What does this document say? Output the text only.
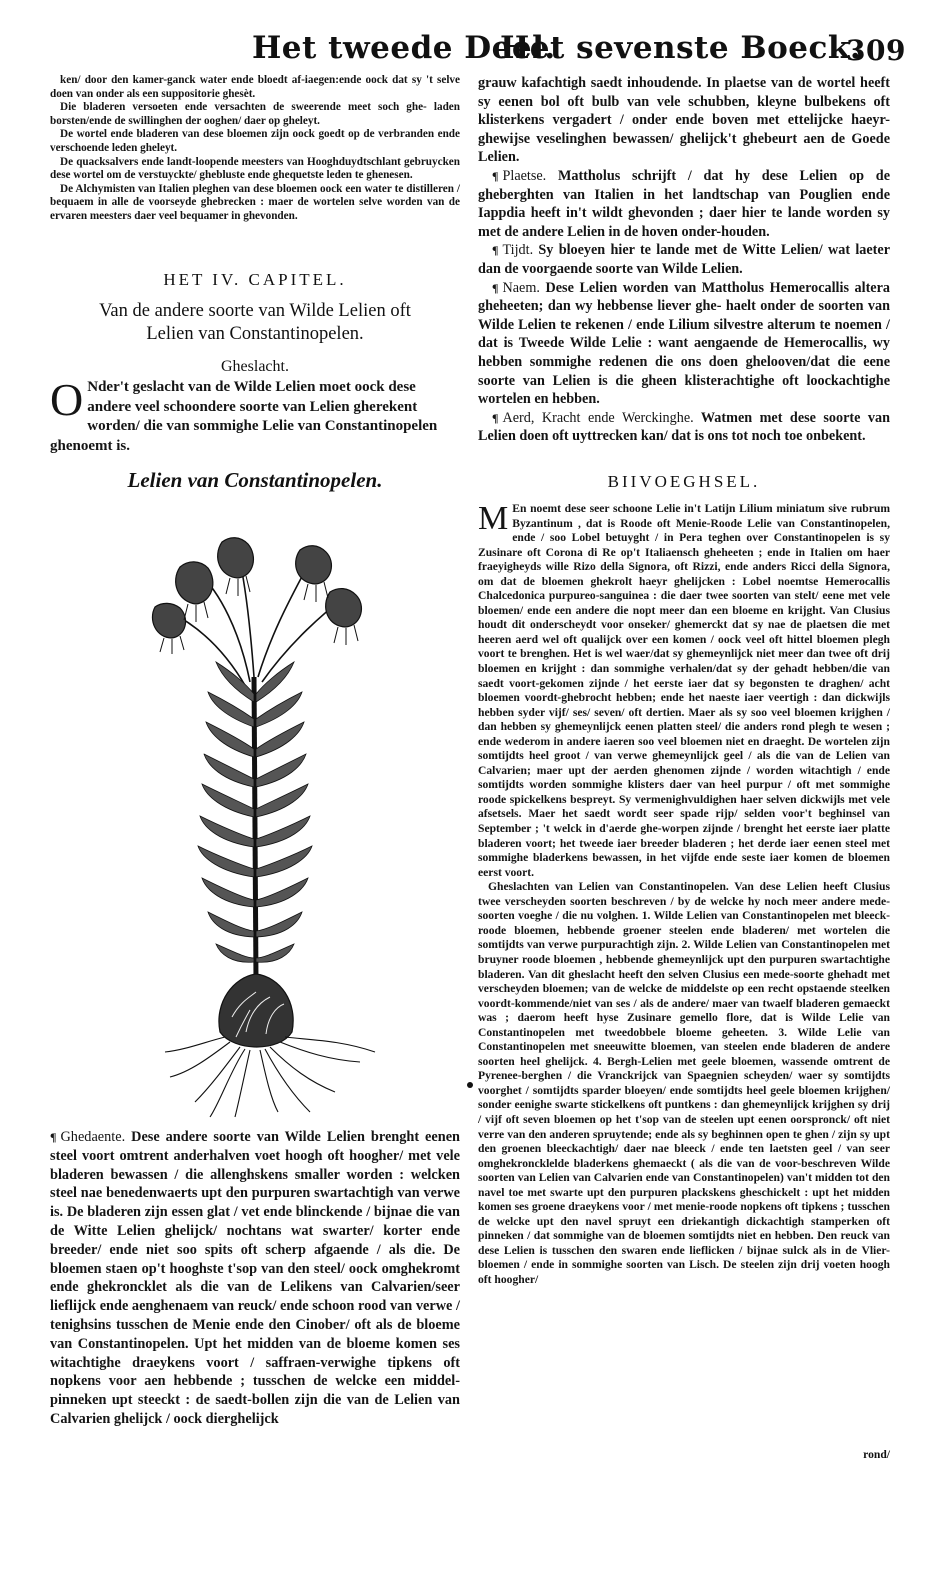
Het tweede Deel.
Het sevenste Boeck.
309

ken/ door den kamer-ganck water ende bloedt af-iaegen:ende oock dat sy 't selve doen van onder als een suppositorie ghesèt.

Die bladeren versoeten ende versachten de sweerende meet soch ghe- laden borsten/ende de swillinghen der ooghen/ daer op gheleyt.

De wortel ende bladeren van dese bloemen zijn oock goedt op de verbranden ende verschoende leden gheleyt.

De quacksalvers ende landt-loopende meesters van Hooghduydtschlant gebruycken dese wortel om de verstuyckte/ ghebluste ende ghequetste leden te ghenesen.

De Alchymisten van Italien pleghen van dese bloemen oock een water te distilleren / bequaem in alle de voorseyde ghebrecken : maer de wortelen selve worden van de ervaren meesters daer veel bequamer in ghevonden.

HET IV. CAPITEL.
Van de andere soorte van Wilde Lelien oft
Lelien van Constantinopelen.
Gheslacht.
O Nder't geslacht van de Wilde Lelien moet oock dese andere veel schoondere soorte van Lelien gherekent worden/ die van sommighe Lelie van Constantinopelen ghenoemt is.
Lelien van Constantinopelen.

¶ Ghedaente. Dese andere soorte van Wilde Lelien brenght eenen steel voort omtrent anderhalven voet hoogh oft hoogher/ met vele bladeren bewassen / die allenghskens smaller worden : welcken steel nae benedenwaerts upt den purpuren swartachtigh van verwe is. De bladeren zijn essen glat / vet ende blinckende / bijnae die van de Witte Lelien ghelijck/ nochtans wat swarter/ korter ende breeder/ ende niet soo spits oft scherp afgaende / als die. De bloemen staen op't hooghste t'sop van den steel/ oock omghekromt ende ghekroncklet als die van de Lelikens van Calvarien/seer lieflijck ende aenghenaem van reuck/ ende schoon rood van verwe / tenighsins tusschen de Menie ende den Cinober/ oft als de bloeme van Constantinopelen. Upt het midden van de bloeme komen ses witachtighe draeykens voort / saffraen-verwighe tipkens oft nopkens voor aen hebbende ; tusschen de welcke een middel-pinneken upt steeckt : de saedt-bollen zijn die van de Lelien van Calvarien ghelijck / oock dierghelijck

grauw kafachtigh saedt inhoudende. In plaetse van de wortel heeft sy eenen bol oft bulb van vele schubben, kleyne bulbekens oft klisterkens vergadert / onder ende boven met ettelijcke haeyr-ghewijse veselinghen bewassen/ ghelijck't ghebeurt aen de Goede Lelien.

¶ Plaetse. Mattholus schrijft / dat hy dese Lelien op de gheberghten van Italien in het landtschap van Pouglien ende Iappdia heeft in't wildt ghevonden ; daer hier te lande worden sy met de andere Lelien in de hoven onder-houden.

¶ Tijdt. Sy bloeyen hier te lande met de Witte Lelien/ wat laeter dan de voorgaende soorte van Wilde Lelien.

¶ Naem. Dese Lelien worden van Mattholus Hemerocallis altera gheheeten; dan wy hebbense liever ghe- haelt onder de soorten van Wilde Lelien te rekenen / ende Lilium silvestre alterum te noemen / dat is Tweede Wilde Lelie : want aengaende de Hemerocallis, wy hebben sommighe redenen die ons doen ghelooven/dat die eene soorte van Lelien is die gheen klisterachtighe oft loockachtighe wortelen en hebben.

¶ Aerd, Kracht ende Werckinghe. Watmen met dese soorte van Lelien doen oft uyttrecken kan/ dat is ons tot noch toe onbekent.

BIIVOEGHSEL.

M En noemt dese seer schoone Lelie in't Latijn Lilium miniatum sive rubrum Byzantinum , dat is Roode oft Menie-Roode Lelie van Constantinopelen, ende / soo Lobel betuyght / in Pera teghen over Constantinopelen is sy Zusinare oft Corona di Re op't Italiaensch gheheeten ; ende in Italien om haer fraeyigheyds wille Rizo della Signora, oft Rizzi, ende anders Ricci della Signora, om dat de bloemen ghekrolt haeyr ghelijcken : Lobel noemtse Hemerocallis Chalcedonica purpureo-sanguinea : die daer twee soorten van stelt/ eene met vele bloemen/ ende een andere die nopt meer dan een bloeme en krijght. Van Clusius houdt dit onderscheydt voor onseker/ ghemerckt dat sy nae de plaetsen die met heeren aerd wel oft qualijck over een komen / oock veel oft hittel bloemen plegh voort te brenghen. Het is wel waer/dat sy ghemeynlijck niet meer dan twee oft drij bloemen en krijght : dan sommighe verhalen/dat sy der gehadt hebben/die van saedt voort-gekomen zijnde / het eerste iaer dat sy begonsten te draghen/ acht bloemen voordt-ghebrocht hebben; ende het naeste iaer veertigh : dan dickwijls hebben syder vijf/ ses/ seven/ oft dertien. Maer als sy soo veel bloemen krijghen / dan hebben sy ghemeynlijck eenen platten steel/ die anders rond plegh te wesen ; ende wederom in andere iaeren soo veel bloemen niet en draeght. De wortelen zijn somtijdts heel groot / van verwe ghemeynlijck geel / als die van de Lelien van Calvarien; maer upt der aerden ghenomen zijnde / worden witachtigh / ende somtijdts worden sommighe klisters daer van heel purpur / oft met sommighe roode spickelkens bespreyt. Sy vermenighvuldighen haer selven dickwijls met vele afsetsels. Maer het saedt wordt seer spade rijp/ selden voor't beghinsel van September ; 't welck in d'aerde ghe-worpen zijnde / brenght het eerste iaer platte bladeren voort; het tweede iaer breeder bladeren ; het derde iaer eenen steel met sommighe bladerkens bewassen, in het vijfde ende seste iaer komen de bloemen eerst voort.

Gheslachten van Lelien van Constantinopelen. Van dese Lelien heeft Clusius twee verscheyden soorten beschreven / by de welcke hy noch meer andere mede-soorten voeghe / die nu volghen. 1. Wilde Lelien van Constantinopelen met bleeck-roode bloemen, hebbende groener steelen ende bladeren/ met wortelen die somtijdts van verwe purpurachtigh zijn. 2. Wilde Lelien van Constantinopelen met bruyner roode bloemen , hebbende ghemeynlijck upt den purpuren swartachtighe bladeren. Van dit gheslacht heeft den selven Clusius een mede-soorte ghehadt met verscheyden bloemen; van de welcke de middelste op een recht opstaende steelken voordt-kommende/niet van ses / als de andere/ maer van twaelf bladeren gemaeckt was ; daerom heeft hyse Zusinare gemello flore, dat is Wilde Lelie van Constantinopelen met tweedobbele bloeme geheeten. 3. Wilde Lelie van Constantinopelen met sneeuwitte bloemen, van steelen ende bladeren de andere soorten heel ghelijck. 4. Bergh-Lelien met geele bloemen, wassende omtrent de Pyrenee-berghen / die Vranckrijck van Spaegnien scheyden/ waer sy somtijdts voorghet / somtijdts sparder bloeyen/ ende somtijdts heel geele bloemen krijghen/ sonder eenighe swarte stickelkens oft puntkens : dan ghemeynlijck krijghen sy drij / vijf oft seven bloemen op het t'sop van de steelen upt eenen oorspronck/ oft niet verre van den anderen spruytende; ende als sy beghinnen open te ghen / zijn sy upt den groenen bleeckachtigh/ daer nae bleeck / ende ten laetsten geel / van seer omghekroncklelde bladerkens ghemaeckt ( als die van de voor-beschreven Wilde soorten van Lelien van Calvarien ende van Constantinopelen) van't midden tot den navel toe met swarte upt den purpuren plackskens gheschickelt : upt het midden komen ses groene draeykens voor / met menie-roode nopkens oft tipkens ; tusschen de welcke upt den navel spruyt een driekantigh dickachtigh stamperken oft pinneken / dat sommighe van de bloemen somtijdts niet en hebben. Den reuck van dese Lelien is tusschen den swaren ende lieflicken / bijnae sulck als in de Vlier-bloemen / ende in sommighe soorten van Lisch. De steelen zijn drij voeten hoogh oft hoogher/

rond/
